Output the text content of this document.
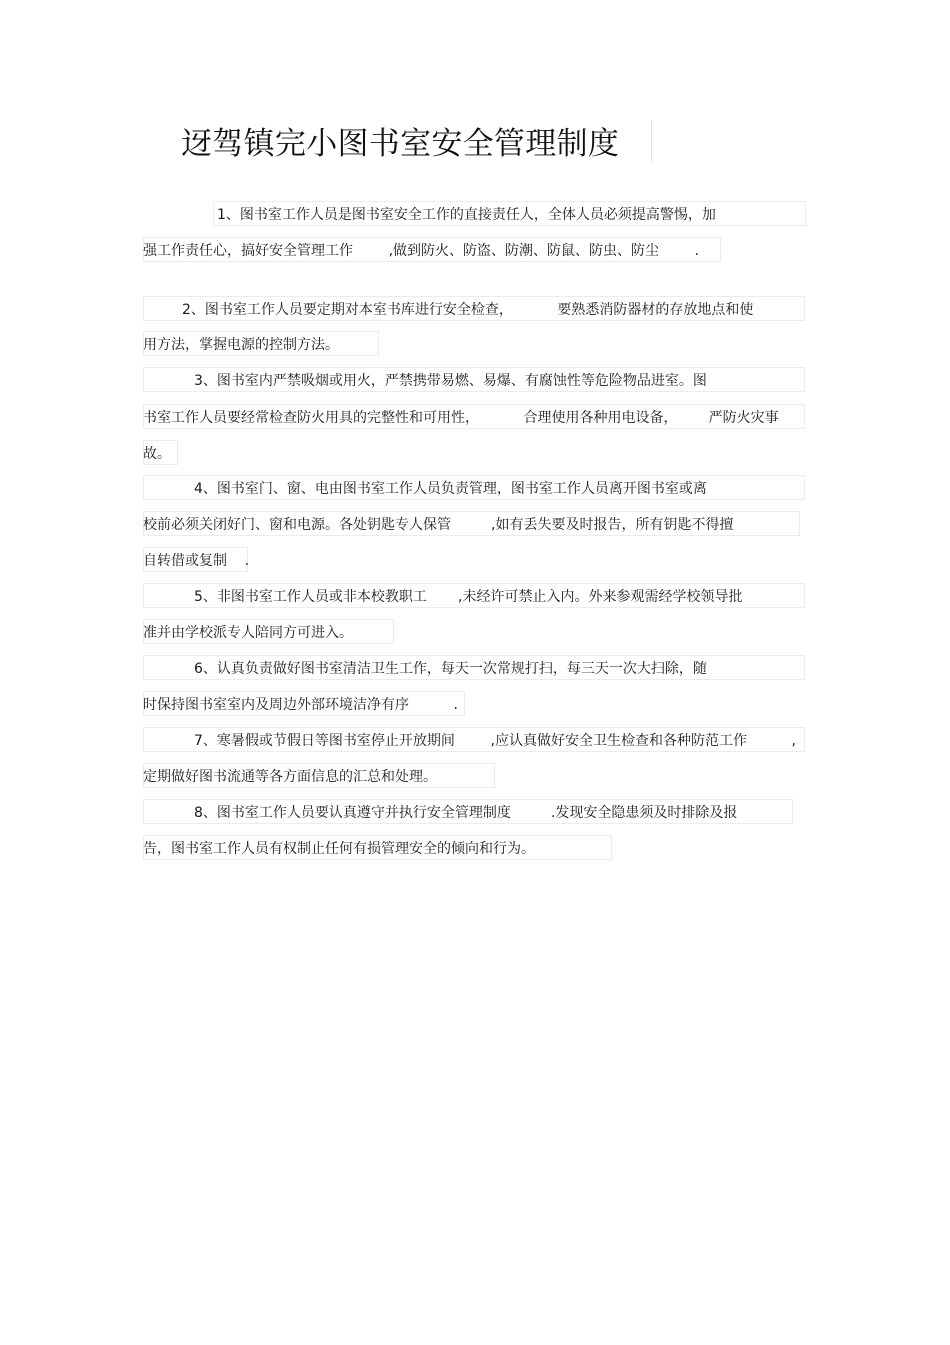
迓驾镇完小图书室安全管理制度
1、图书室工作人员是图书室安全工作的直接责任人，全体人员必须提高警惕，加
强工作责任心，搞好安全管理工作        ,做到防火、防盗、防潮、防鼠、防虫、防尘        .
2、图书室工作人员要定期对本室书库进行安全检查，          要熟悉消防器材的存放地点和使
用方法，掌握电源的控制方法。
3、图书室内严禁吸烟或用火，严禁携带易燃、易爆、有腐蚀性等危险物品进室。图
书室工作人员要经常检查防火用具的完整性和可用性，          合理使用各种用电设备，       严防火灾事
故。
4、图书室门、窗、电由图书室工作人员负责管理，图书室工作人员离开图书室或离
校前必须关闭好门、窗和电源。各处钥匙专人保管         ,如有丢失要及时报告，所有钥匙不得擅
自转借或复制    .
5、非图书室工作人员或非本校教职工       ,未经许可禁止入内。外来参观需经学校领导批
准并由学校派专人陪同方可进入。
6、认真负责做好图书室清洁卫生工作，每天一次常规打扫，每三天一次大扫除，随
时保持图书室室内及周边外部环境洁净有序          .
7、寒暑假或节假日等图书室停止开放期间        ,应认真做好安全卫生检查和各种防范工作          ,
定期做好图书流通等各方面信息的汇总和处理。
8、图书室工作人员要认真遵守并执行安全管理制度         .发现安全隐患须及时排除及报
告，图书室工作人员有权制止任何有损管理安全的倾向和行为。
